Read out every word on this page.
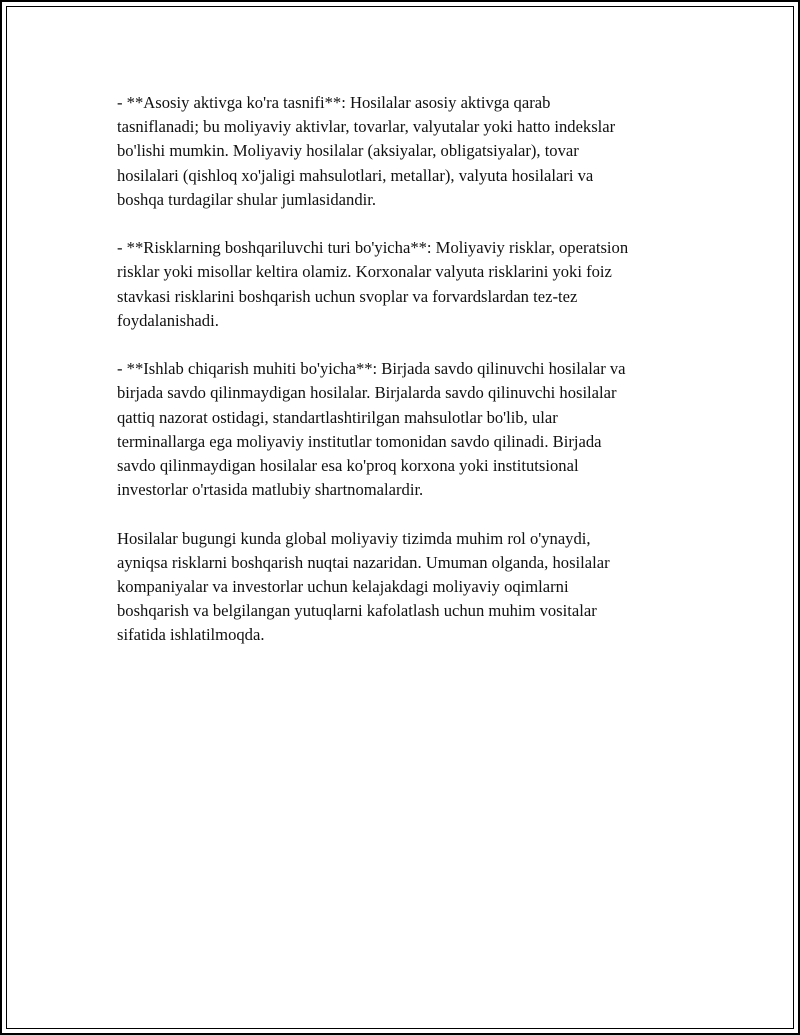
- **Asosiy aktivga ko'ra tasnifi**: Hosilalar asosiy aktivga qarab
tasniflanadi; bu moliyaviy aktivlar, tovarlar, valyutalar yoki hatto indekslar
bo'lishi mumkin. Moliyaviy hosilalar (aksiyalar, obligatsiyalar), tovar
hosilalari (qishloq xo'jaligi mahsulotlari, metallar), valyuta hosilalari va
boshqa turdagilar shular jumlasidandir.

- **Risklarning boshqariluvchi turi bo'yicha**: Moliyaviy risklar, operatsion
risklar yoki misollar keltira olamiz. Korxonalar valyuta risklarini yoki foiz
stavkasi risklarini boshqarish uchun svoplar va forvardslardan tez-tez
foydalanishadi.

- **Ishlab chiqarish muhiti bo'yicha**: Birjada savdo qilinuvchi hosilalar va
birjada savdo qilinmaydigan hosilalar. Birjalarda savdo qilinuvchi hosilalar
qattiq nazorat ostidagi, standartlashtirilgan mahsulotlar bo'lib, ular
terminallarga ega moliyaviy institutlar tomonidan savdo qilinadi. Birjada
savdo qilinmaydigan hosilalar esa ko'proq korxona yoki institutsional
investorlar o'rtasida matlubiy shartnomalardir.

Hosilalar bugungi kunda global moliyaviy tizimda muhim rol o'ynaydi,
ayniqsa risklarni boshqarish nuqtai nazaridan. Umuman olganda, hosilalar
kompaniyalar va investorlar uchun kelajakdagi moliyaviy oqimlarni
boshqarish va belgilangan yutuqlarni kafolatlash uchun muhim vositalar
sifatida ishlatilmoqda.
